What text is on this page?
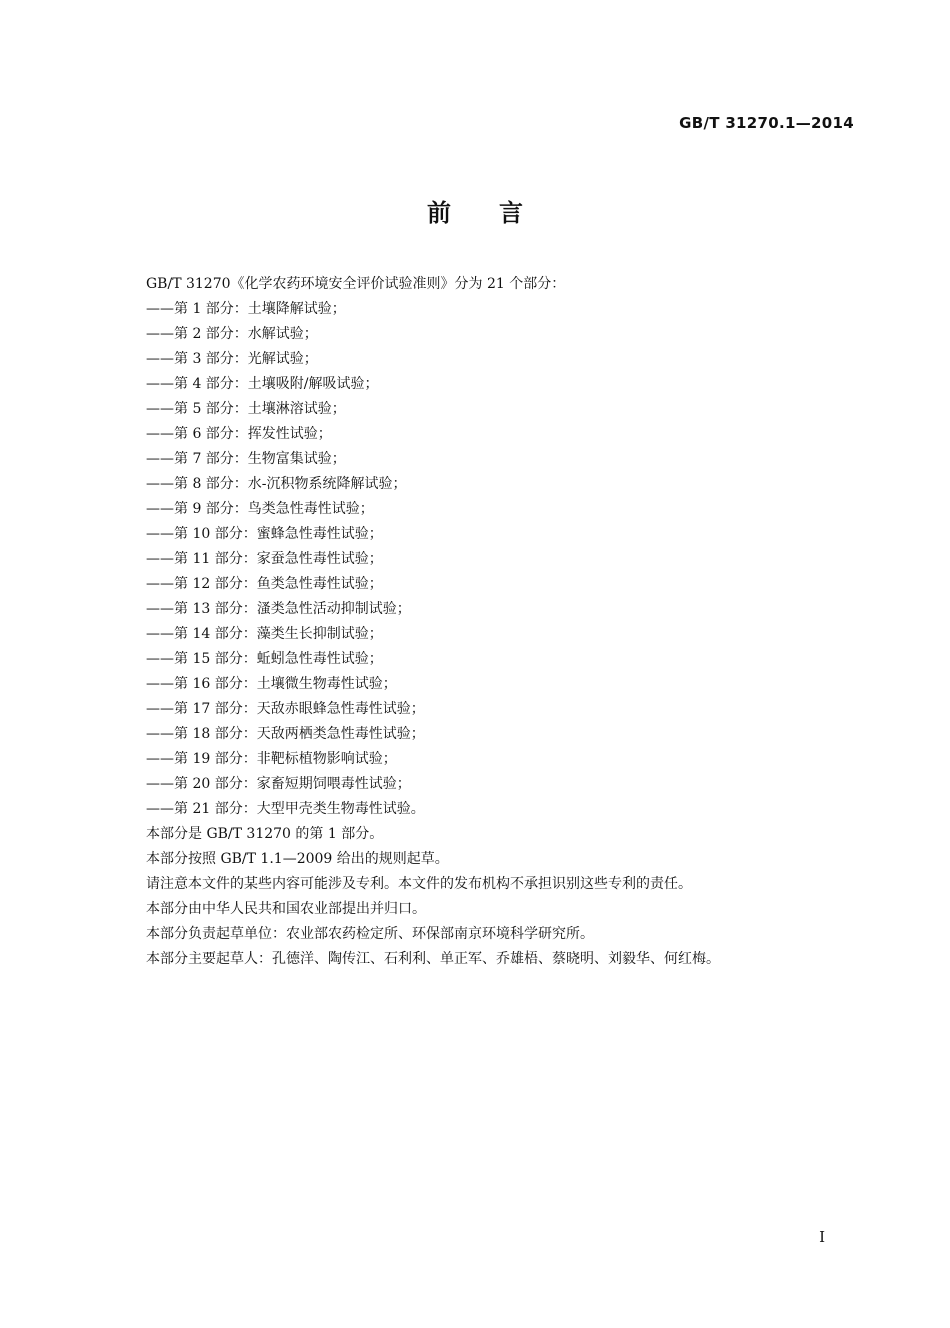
GB/T 31270.1—2014
前 言

GB/T 31270《化学农药环境安全评价试验准则》分为 21 个部分：

——第 1 部分：土壤降解试验；

——第 2 部分：水解试验；

——第 3 部分：光解试验；

——第 4 部分：土壤吸附/解吸试验；

——第 5 部分：土壤淋溶试验；

——第 6 部分：挥发性试验；

——第 7 部分：生物富集试验；

——第 8 部分：水-沉积物系统降解试验；

——第 9 部分：鸟类急性毒性试验；

——第 10 部分：蜜蜂急性毒性试验；

——第 11 部分：家蚕急性毒性试验；

——第 12 部分：鱼类急性毒性试验；

——第 13 部分：溞类急性活动抑制试验；

——第 14 部分：藻类生长抑制试验；

——第 15 部分：蚯蚓急性毒性试验；

——第 16 部分：土壤微生物毒性试验；

——第 17 部分：天敌赤眼蜂急性毒性试验；

——第 18 部分：天敌两栖类急性毒性试验；

——第 19 部分：非靶标植物影响试验；

——第 20 部分：家畜短期饲喂毒性试验；

——第 21 部分：大型甲壳类生物毒性试验。

本部分是 GB/T 31270 的第 1 部分。

本部分按照 GB/T 1.1—2009 给出的规则起草。

请注意本文件的某些内容可能涉及专利。本文件的发布机构不承担识别这些专利的责任。

本部分由中华人民共和国农业部提出并归口。

本部分负责起草单位：农业部农药检定所、环保部南京环境科学研究所。

本部分主要起草人：孔德洋、陶传江、石利利、单正军、乔雄梧、蔡晓明、刘毅华、何红梅。

I
